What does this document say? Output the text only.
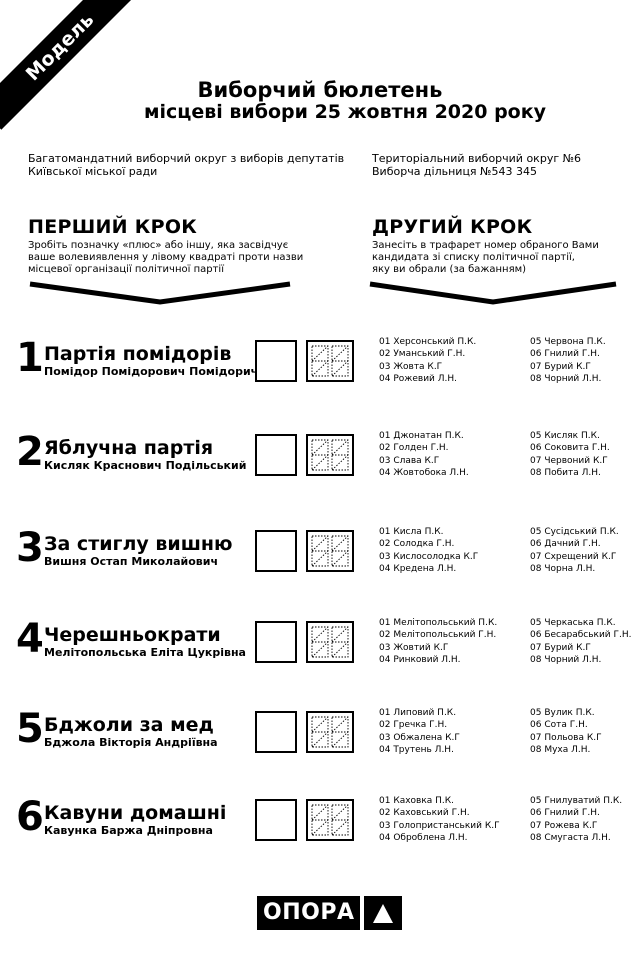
Модель
Виборчий бюлетень
місцеві вибори 25 жовтня 2020 року
Багатомандатний виборчий округ з виборів депутатів
Київської міської ради
Територіальний виборчий округ №6
Виборча дільниця №543 345
ПЕРШИЙ КРОК
Зробіть позначку «плюс» або іншу, яка засвідчує
ваше волевиявлення у лівому квадраті проти назви
місцевої організації політичної партії
ДРУГИЙ КРОК
Занесіть в трафарет номер обраного Вами
кандидата зі списку політичної партії,
яку ви обрали (за бажанням)
1 Партія помідорів
Помідор Помідорович Помідорич
01 Херсонський П.К.
02 Уманський Г.Н.
03 Жовта К.Г
04 Рожевий Л.Н.
05 Червона П.К.
06 Гнилий Г.Н.
07 Бурий К.Г
08 Чорний Л.Н.
2 Яблучна партія
Кисляк Краснович Подільський
01 Джонатан П.К.
02 Голден Г.Н.
03 Слава К.Г
04 Жовтобока Л.Н.
05 Кисляк П.К.
06 Соковита Г.Н.
07 Червоний К.Г
08 Побита Л.Н.
3 За стиглу вишню
Вишня Остап Миколайович
01 Кисла П.К.
02 Солодка Г.Н.
03 Кислосолодка К.Г
04 Кредена Л.Н.
05 Сусідський П.К.
06 Дачний Г.Н.
07 Схрещений К.Г
08 Чорна Л.Н.
4 Черешньократи
Мелітопольська Еліта Цукрівна
01 Мелітопольський П.К.
02 Мелітопольський Г.Н.
03 Жовтий К.Г
04 Ринковий Л.Н.
05 Черкаська П.К.
06 Бесарабський Г.Н.
07 Бурий К.Г
08 Чорний Л.Н.
5 Бджоли за мед
Бджола Вікторія Андріївна
01 Липовий П.К.
02 Гречка Г.Н.
03 Обжалена К.Г
04 Трутень Л.Н.
05 Вулик П.К.
06 Сота Г.Н.
07 Польова К.Г
08 Муха Л.Н.
6 Кавуни домашні
Кавунка Баржа Дніпровна
01 Каховка П.К.
02 Каховський Г.Н.
03 Голопристанський К.Г
04 Оброблена Л.Н.
05 Гнилуватий П.К.
06 Гнилий Г.Н.
07 Рожева К.Г
08 Смугаста Л.Н.
ОПОРА
